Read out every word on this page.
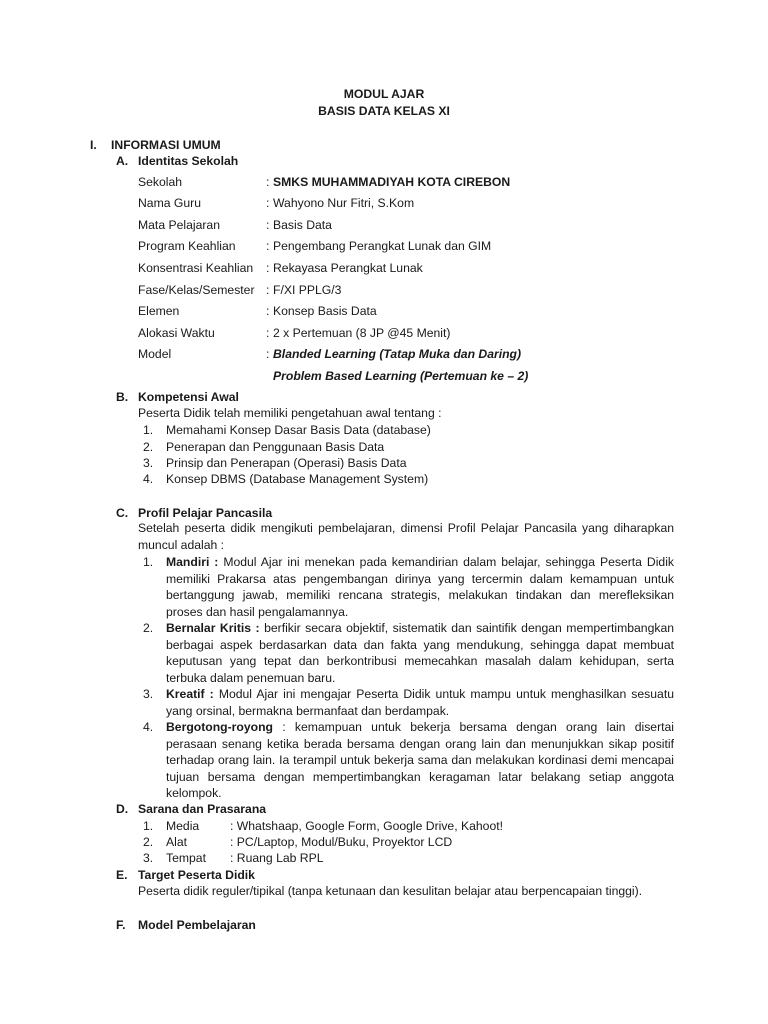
MODUL AJAR
BASIS DATA KELAS XI
I. INFORMASI UMUM
A. Identitas Sekolah
Sekolah	: SMKS MUHAMMADIYAH KOTA CIREBON
Nama Guru	: Wahyono Nur Fitri, S.Kom
Mata Pelajaran	: Basis Data
Program Keahlian : Pengembang Perangkat Lunak dan GIM
Konsentrasi Keahlian : Rekayasa Perangkat Lunak
Fase/Kelas/Semester : F/XI PPLG/3
Elemen	: Konsep Basis Data
Alokasi Waktu	: 2 x Pertemuan (8 JP @45 Menit)
Model	: Blanded Learning (Tatap Muka dan Daring)
Problem Based Learning (Pertemuan ke – 2)
B. Kompetensi Awal
Peserta Didik telah memiliki pengetahuan awal tentang :
1. Memahami Konsep Dasar Basis Data (database)
2. Penerapan dan Penggunaan Basis Data
3. Prinsip dan Penerapan (Operasi) Basis Data
4. Konsep DBMS (Database Management System)
C. Profil Pelajar Pancasila
Setelah peserta didik mengikuti pembelajaran, dimensi Profil Pelajar Pancasila yang diharapkan muncul adalah :
1. Mandiri : Modul Ajar ini menekan pada kemandirian dalam belajar, sehingga Peserta Didik memiliki Prakarsa atas pengembangan dirinya yang tercermin dalam kemampuan untuk bertanggung jawab, memiliki rencana strategis, melakukan tindakan dan merefleksikan proses dan hasil pengalamannya.
2. Bernalar Kritis : berfikir secara objektif, sistematik dan saintifik dengan mempertimbangkan berbagai aspek berdasarkan data dan fakta yang mendukung, sehingga dapat membuat keputusan yang tepat dan berkontribusi memecahkan masalah dalam kehidupan, serta terbuka dalam penemuan baru.
3. Kreatif : Modul Ajar ini mengajar Peserta Didik untuk mampu untuk menghasilkan sesuatu yang orsinal, bermakna bermanfaat dan berdampak.
4. Bergotong-royong : kemampuan untuk bekerja bersama dengan orang lain disertai perasaan senang ketika berada bersama dengan orang lain dan menunjukkan sikap positif terhadap orang lain. Ia terampil untuk bekerja sama dan melakukan kordinasi demi mencapai tujuan bersama dengan mempertimbangkan keragaman latar belakang setiap anggota kelompok.
D. Sarana dan Prasarana
1. Media	: Whatshaap, Google Form, Google Drive, Kahoot!
2. Alat	: PC/Laptop, Modul/Buku, Proyektor LCD
3. Tempat : Ruang Lab RPL
E. Target Peserta Didik
Peserta didik reguler/tipikal (tanpa ketunaan dan kesulitan belajar atau berpencapaian tinggi).
F. Model Pembelajaran
